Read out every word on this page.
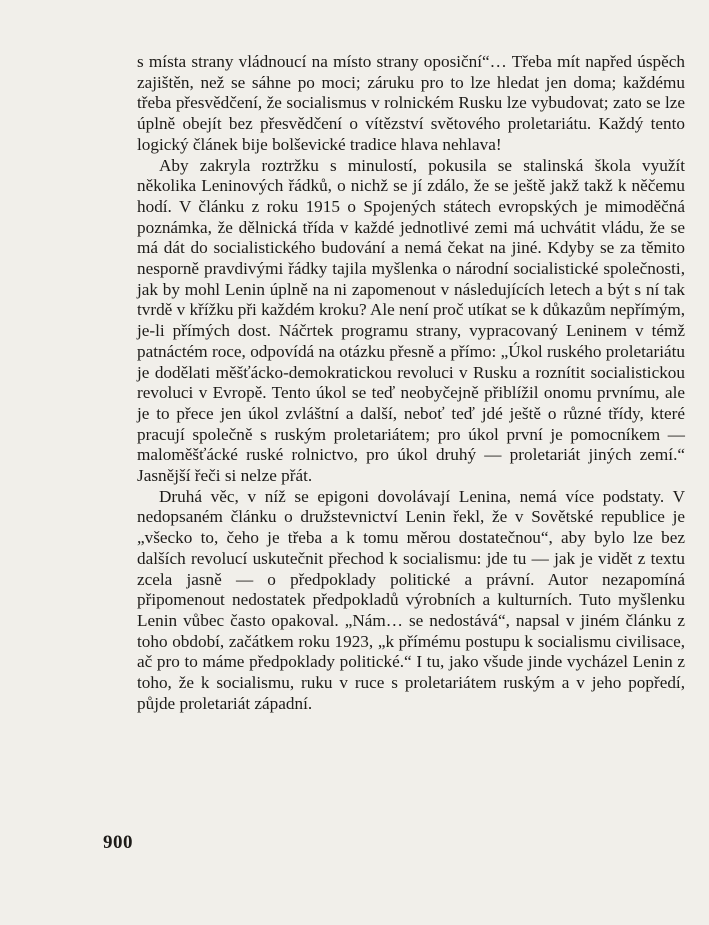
s místa strany vládnoucí na místo strany oposiční“… Třeba mít napřed úspěch zajištěn, než se sáhne po moci; záruku pro to lze hledat jen doma; každému třeba přesvědčení, že socialismus v rolnickém Rusku lze vybudovat; zato se lze úplně obejít bez přesvědčení o vítězství světového proletariátu. Každý tento logický článek bije bolševické tradice hlava nehlava!

Aby zakryla roztržku s minulostí, pokusila se stalinská škola využít několika Leninových řádků, o nichž se jí zdálo, že se ještě jakž takž k něčemu hodí. V článku z roku 1915 o Spojených státech evropských je mimoděčná poznámka, že dělnická třída v každé jednotlivé zemi má uchvátit vládu, že se má dát do socialistického budování a nemá čekat na jiné. Kdyby se za těmito nesporně pravdivými řádky tajila myšlenka o národní socialistické společnosti, jak by mohl Lenin úplně na ni zapomenout v následujících letech a být s ní tak tvrdě v křížku při každém kroku? Ale není proč utíkat se k důkazům nepřímým, je-li přímých dost. Náčrtek programu strany, vypracovaný Leninem v témž patnáctém roce, odpovídá na otázku přesně a přímo: „Úkol ruského proletariátu je dodělati měšťácko-demokratickou revoluci v Rusku a roznítit socialistickou revoluci v Evropě. Tento úkol se teď neobyčejně přiblížil onomu prvnímu, ale je to přece jen úkol zvláštní a další, neboť teď jdé ještě o různé třídy, které pracují společně s ruským proletariátem; pro úkol první je pomocníkem — maloměšťácké ruské rolnictvo, pro úkol druhý — proletariát jiných zemí.“ Jasnější řeči si nelze přát.

Druhá věc, v níž se epigoni dovolávají Lenina, nemá více podstaty. V nedopsaném článku o družstevnictví Lenin řekl, že v Sovětské republice je „všecko to, čeho je třeba a k tomu měrou dostatečnou“, aby bylo lze bez dalších revolucí uskutečnit přechod k socialismu: jde tu — jak je vidět z textu zcela jasně — o předpoklady politické a právní. Autor nezapomíná připomenout nedostatek předpokladů výrobních a kulturních. Tuto myšlenku Lenin vůbec často opakoval. „Nám… se nedostává“, napsal v jiném článku z toho období, začátkem roku 1923, „k přímému postupu k socialismu civilisace, ač pro to máme předpoklady politické.“ I tu, jako všude jinde vycházel Lenin z toho, že k socialismu, ruku v ruce s proletariátem ruským a v jeho popředí, půjde proletariát západní.

900
